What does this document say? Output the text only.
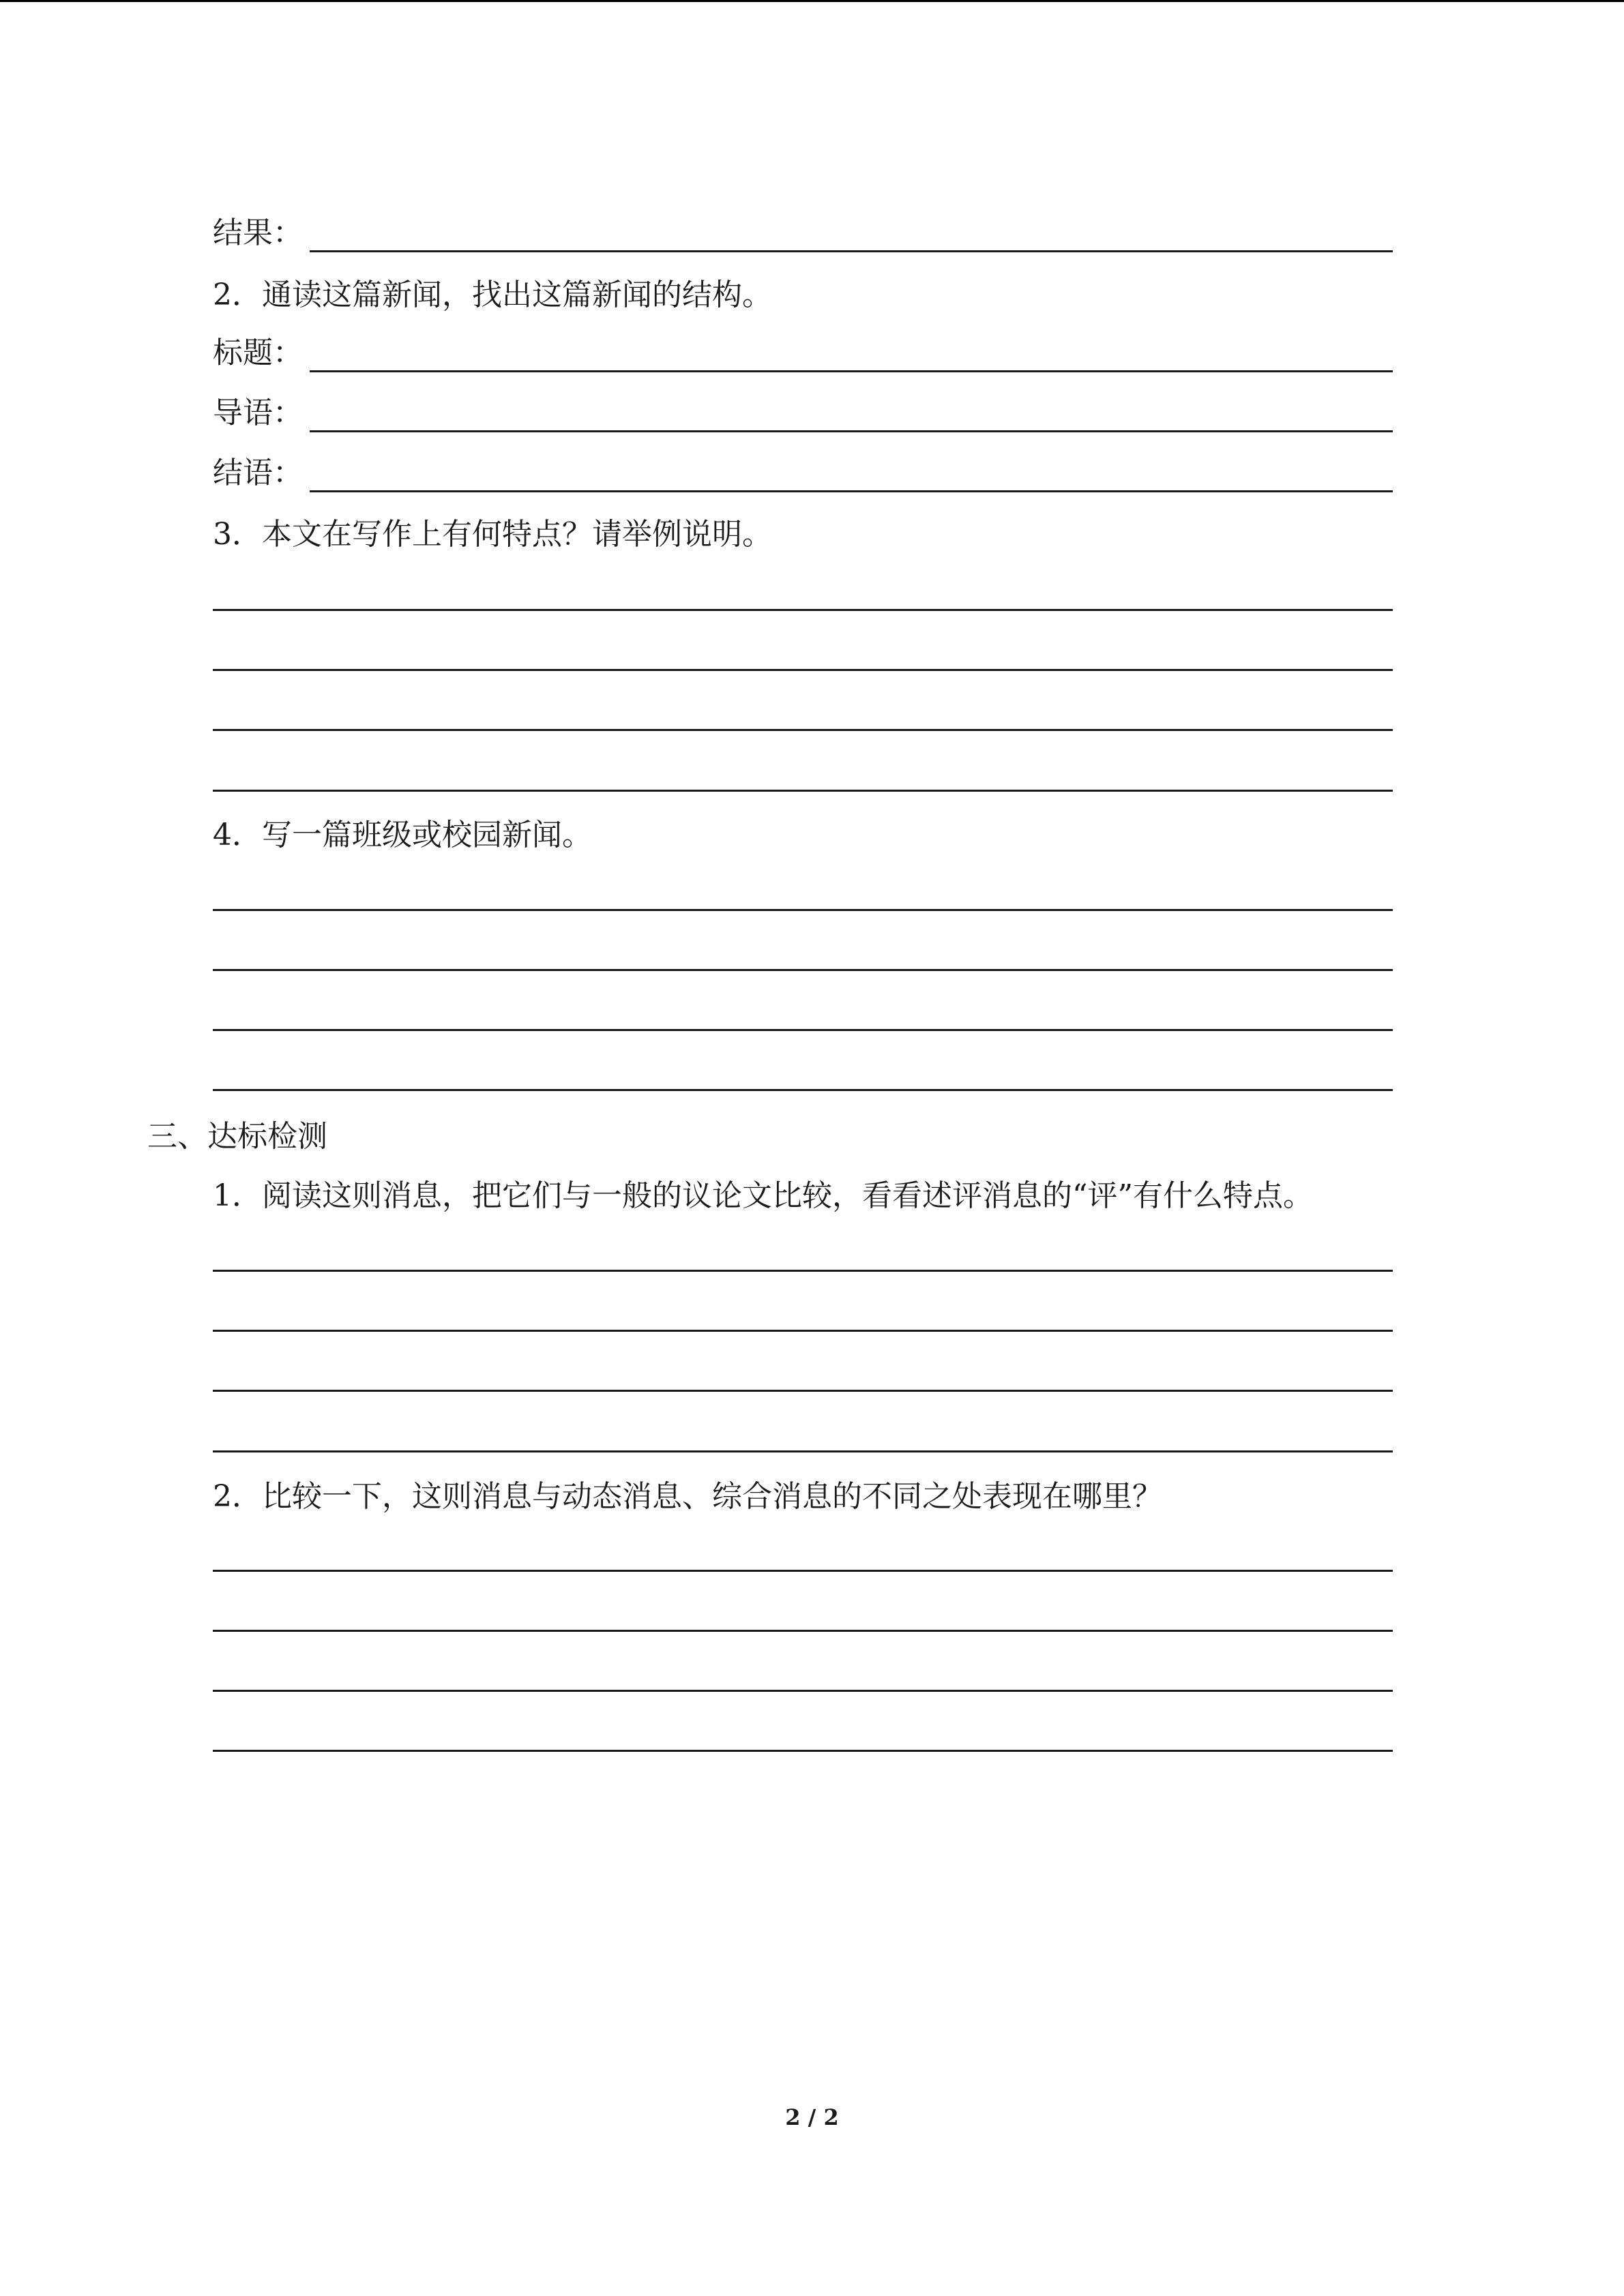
结果：
2．通读这篇新闻，找出这篇新闻的结构。
标题：
导语：
结语：
3．本文在写作上有何特点？请举例说明。
4．写一篇班级或校园新闻。
三、达标检测
1．阅读这则消息，把它们与一般的议论文比较，看看述评消息的“评”有什么特点。
2．比较一下，这则消息与动态消息、综合消息的不同之处表现在哪里？
2 / 2
